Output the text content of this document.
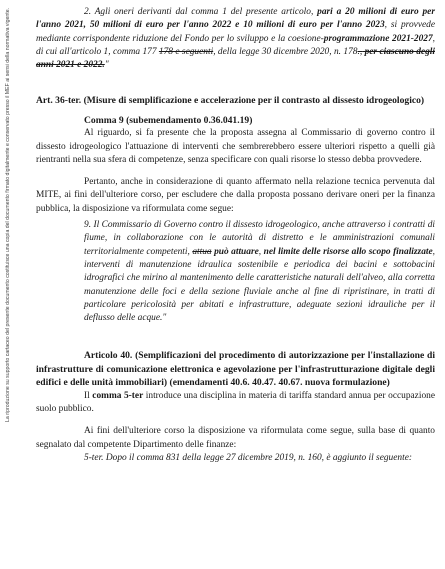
La riproduzione su supporto cartaceo del presente documento costituisce una copia del documento firmato digitalmente e conservato presso il MEF ai sensi della normativa vigente.	2. Agli oneri derivanti dal comma 1 del presente articolo, pari a 20 milioni di euro per l'anno 2021, 50 milioni di euro per l'anno 2022 e 10 milioni di euro per l'anno 2023, si provvede mediante corrispondente riduzione del Fondo per lo sviluppo e la coesione-programmazione 2021-2027, di cui all'articolo 1, comma 177 178 e seguenti, della legge 30 dicembre 2020, n. 178., per ciascuno degli anni 2021 e 2022."

Art. 36-ter. (Misure di semplificazione e accelerazione per il contrasto al dissesto idrogeologico)

Comma 9 (subemendamento 0.36.041.19)

Al riguardo, si fa presente che la proposta assegna al Commissario di governo contro il dissesto idrogeologico l'attuazione di interventi che sembrerebbero essere ulteriori rispetto a quelli già rientranti nella sua sfera di competenze, senza specificare con quali risorse lo stesso debba provvedere.

Pertanto, anche in considerazione di quanto affermato nella relazione tecnica pervenuta dal MITE, ai fini dell'ulteriore corso, per escludere che dalla proposta possano derivare oneri per la finanza pubblica, la disposizione va riformulata come segue:

9. Il Commissario di Governo contro il dissesto idrogeologico, anche attraverso i contratti di fiume, in collaborazione con le autorità di distretto e le amministrazioni comunali territorialmente competenti, attua può attuare, nel limite delle risorse allo scopo finalizzate, interventi di manutenzione idraulica sostenibile e periodica dei bacini e sottobacini idrografici che mirino al mantenimento delle caratteristiche naturali dell'alveo, alla corretta manutenzione delle foci e della sezione fluviale anche al fine di ripristinare, in tratti di particolare pericolosità per abitati e infrastrutture, adeguate sezioni idrauliche per il deflusso delle acque."

Articolo 40. (Semplificazioni del procedimento di autorizzazione per l'installazione di infrastrutture di comunicazione elettronica e agevolazione per l'infrastrutturazione digitale degli edifici e delle unità immobiliari) (emendamenti 40.6. 40.47. 40.67. nuova formulazione)

Il comma 5-ter introduce una disciplina in materia di tariffa standard annua per occupazione suolo pubblico.

Ai fini dell'ulteriore corso la disposizione va riformulata come segue, sulla base di quanto segnalato dal competente Dipartimento delle finanze:

5-ter. Dopo il comma 831 della legge 27 dicembre 2019, n. 160, è aggiunto il seguente:
